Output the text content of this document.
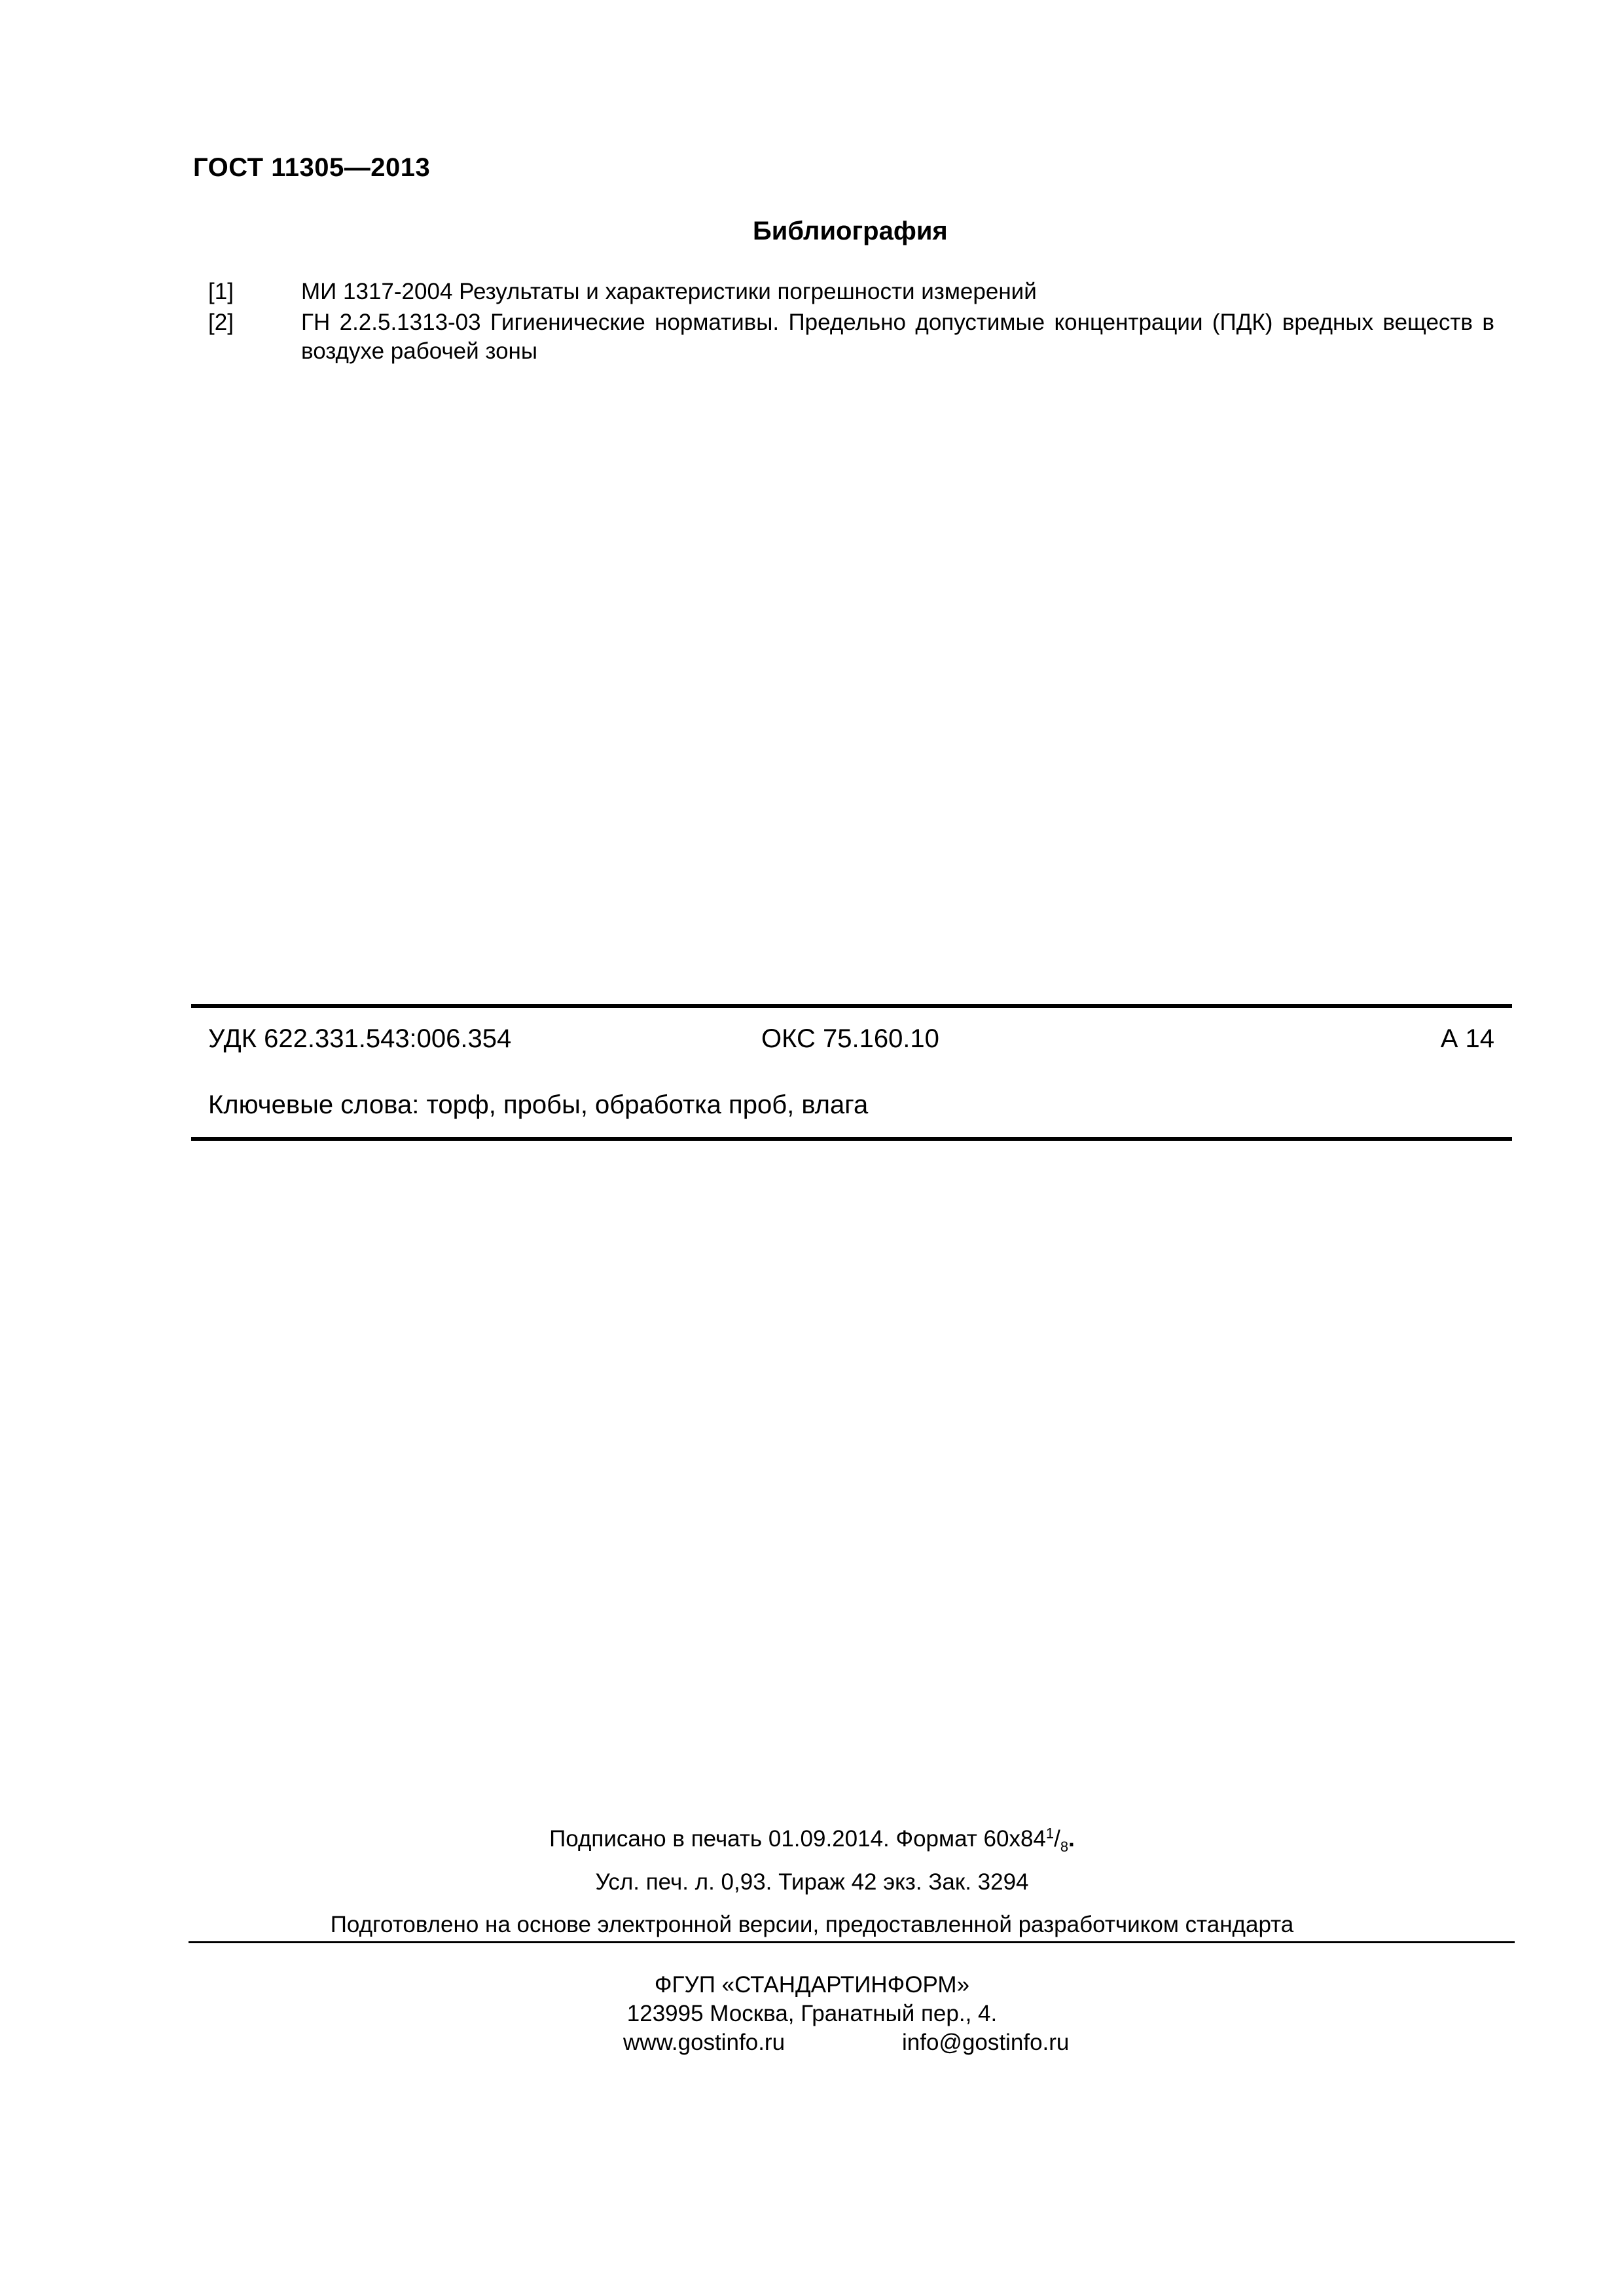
ГОСТ 11305—2013
Библиография
[1]	МИ 1317-2004 Результаты и характеристики погрешности измерений
[2]	ГН 2.2.5.1313-03 Гигиенические нормативы. Предельно допустимые концентрации (ПДК) вредных веществ в воздухе рабочей зоны
УДК 622.331.543:006.354	ОКС 75.160.10	А 14
Ключевые слова: торф, пробы, обработка проб, влага
Подписано в печать 01.09.2014. Формат $60х84^1/_8$.
Усл. печ. л. 0,93. Тираж 42 экз. Зак. 3294
Подготовлено на основе электронной версии, предоставленной разработчиком стандарта
ФГУП «СТАНДАРТИНФОРМ»
123995 Москва, Гранатный пер., 4.
www.gostinfo.ru	info@gostinfo.ru
